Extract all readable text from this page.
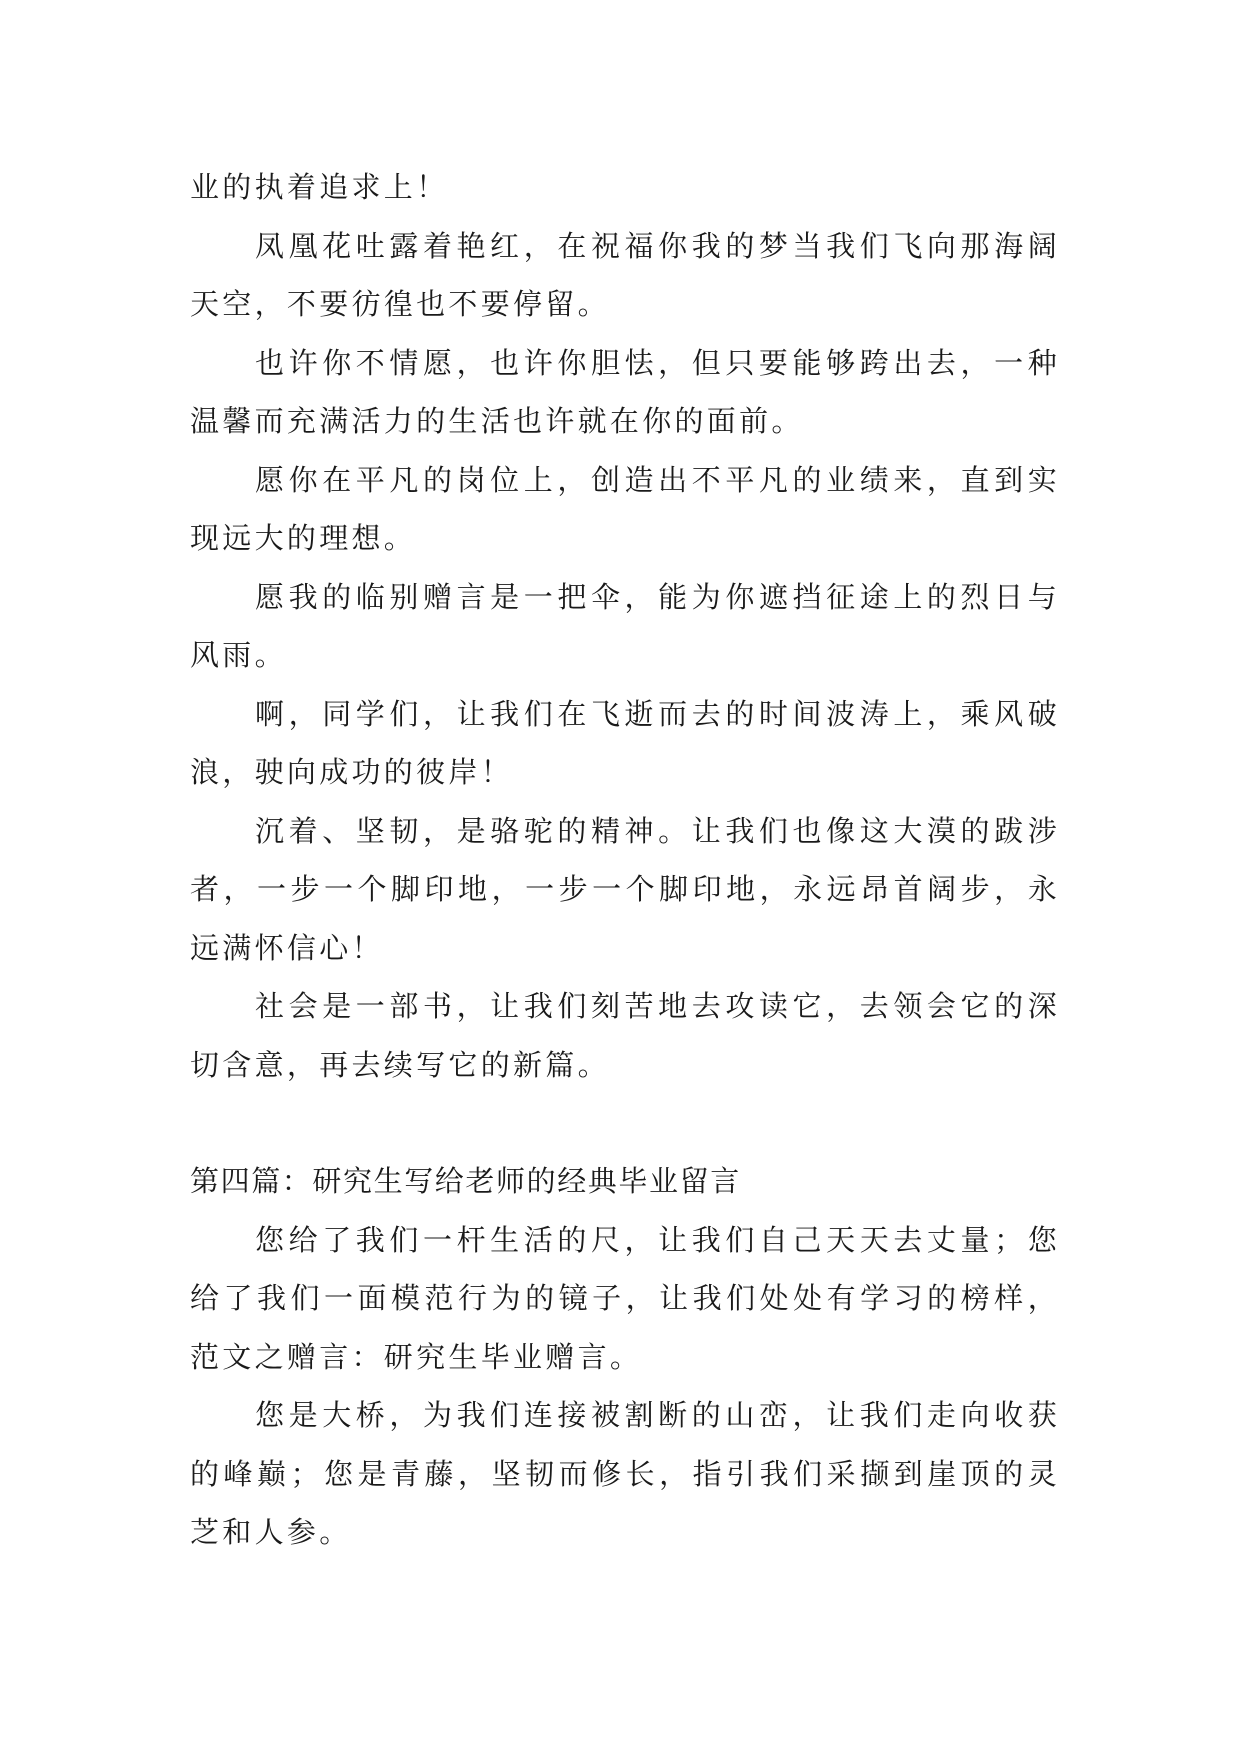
业的执着追求上！

凤凰花吐露着艳红，在祝福你我的梦当我们飞向那海阔天空，不要彷徨也不要停留。

也许你不情愿，也许你胆怯，但只要能够跨出去，一种温馨而充满活力的生活也许就在你的面前。

愿你在平凡的岗位上，创造出不平凡的业绩来，直到实现远大的理想。

愿我的临别赠言是一把伞，能为你遮挡征途上的烈日与风雨。

啊，同学们，让我们在飞逝而去的时间波涛上，乘风破浪，驶向成功的彼岸！

沉着、坚韧，是骆驼的精神。让我们也像这大漠的跋涉者，一步一个脚印地，一步一个脚印地，永远昂首阔步，永远满怀信心！

社会是一部书，让我们刻苦地去攻读它，去领会它的深切含意，再去续写它的新篇。

第四篇：研究生写给老师的经典毕业留言

您给了我们一杆生活的尺，让我们自己天天去丈量；您给了我们一面模范行为的镜子，让我们处处有学习的榜样，范文之赠言：研究生毕业赠言。

您是大桥，为我们连接被割断的山峦，让我们走向收获的峰巅；您是青藤，坚韧而修长，指引我们采撷到崖顶的灵芝和人参。
